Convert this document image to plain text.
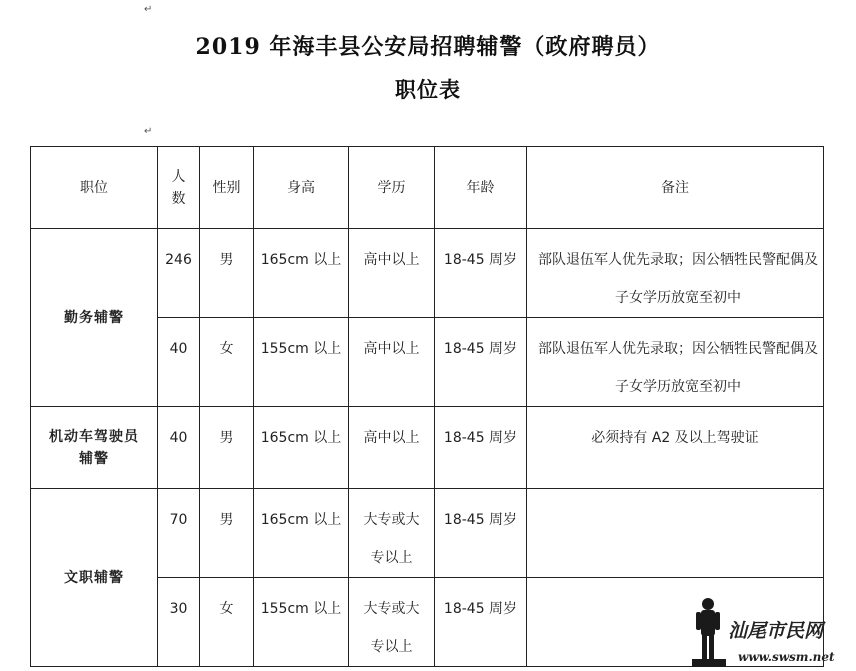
↵
2019 年海丰县公安局招聘辅警（政府聘员）
职位表
↵
职位	人数	性别	身高	学历	年龄	备注
勤务辅警	246	男	165cm 以上	高中以上	18-45 周岁	部队退伍军人优先录取；因公牺牲民警配偶及子女学历放宽至初中
	40	女	155cm 以上	高中以上	18-45 周岁	部队退伍军人优先录取；因公牺牲民警配偶及子女学历放宽至初中
机动车驾驶员辅警	40	男	165cm 以上	高中以上	18-45 周岁	必须持有 A2 及以上驾驶证
文职辅警	70	男	165cm 以上	大专或大专以上	18-45 周岁	
	30	女	155cm 以上	大专或大专以上	18-45 周岁	
汕尾市民网
www.swsm.net
